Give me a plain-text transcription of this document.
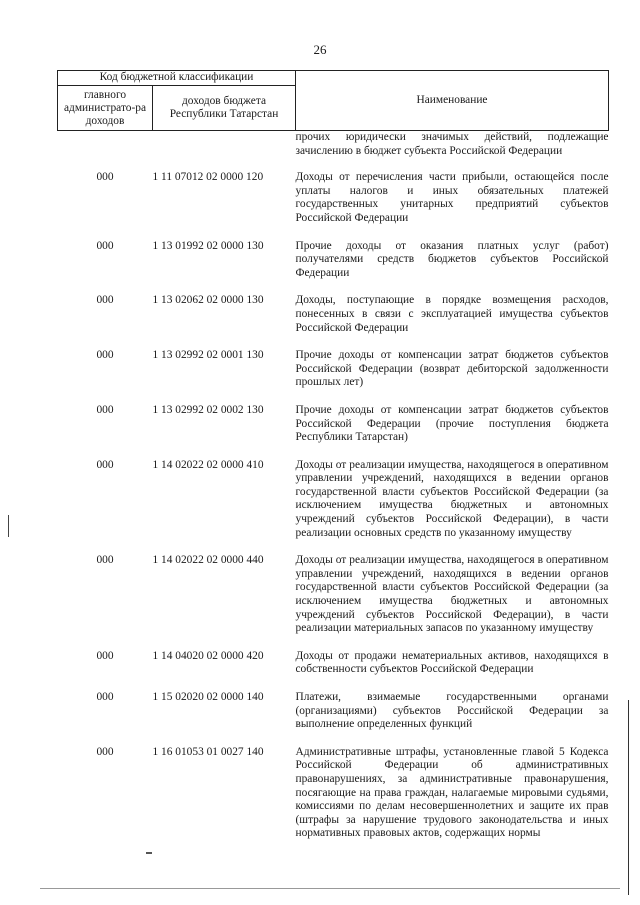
26
Код бюджетной классификации		Наименование
главного администрато-ра доходов	доходов бюджета Республики Татарстан	
		прочих юридически значимых действий, подлежащие зачислению в бюджет субъекта Российской Федерации
000	1 11 07012 02 0000 120	Доходы от перечисления части прибыли, остающейся после уплаты налогов и иных обязательных платежей государственных унитарных предприятий субъектов Российской Федерации
000	1 13 01992 02 0000 130	Прочие доходы от оказания платных услуг (работ) получателями средств бюджетов субъектов Российской Федерации
000	1 13 02062 02 0000 130	Доходы, поступающие в порядке возмещения расходов, понесенных в связи с эксплуатацией имущества субъектов Российской Федерации
000	1 13 02992 02 0001 130	Прочие доходы от компенсации затрат бюджетов субъектов Российской Федерации (возврат дебиторской задолженности прошлых лет)
000	1 13 02992 02 0002 130	Прочие доходы от компенсации затрат бюджетов субъектов Российской Федерации (прочие поступления бюджета Республики Татарстан)
000	1 14 02022 02 0000 410	Доходы от реализации имущества, находящегося в оперативном управлении учреждений, находящихся в ведении органов государственной власти субъектов Российской Федерации (за исключением имущества бюджетных и автономных учреждений субъектов Российской Федерации), в части реализации основных средств по указанному имуществу
000	1 14 02022 02 0000 440	Доходы от реализации имущества, находящегося в оперативном управлении учреждений, находящихся в ведении органов государственной власти субъектов Российской Федерации (за исключением имущества бюджетных и автономных учреждений субъектов Российской Федерации), в части реализации материальных запасов по указанному имуществу
000	1 14 04020 02 0000 420	Доходы от продажи нематериальных активов, находящихся в собственности субъектов Российской Федерации
000	1 15 02020 02 0000 140	Платежи, взимаемые государственными органами (организациями) субъектов Российской Федерации за выполнение определенных функций
000	1 16 01053 01 0027 140	Административные штрафы, установленные главой 5 Кодекса Российской Федерации об административных правонарушениях, за административные правонарушения, посягающие на права граждан, налагаемые мировыми судьями, комиссиями по делам несовершеннолетних и защите их прав (штрафы за нарушение трудового законодательства и иных нормативных правовых актов, содержащих нормы
